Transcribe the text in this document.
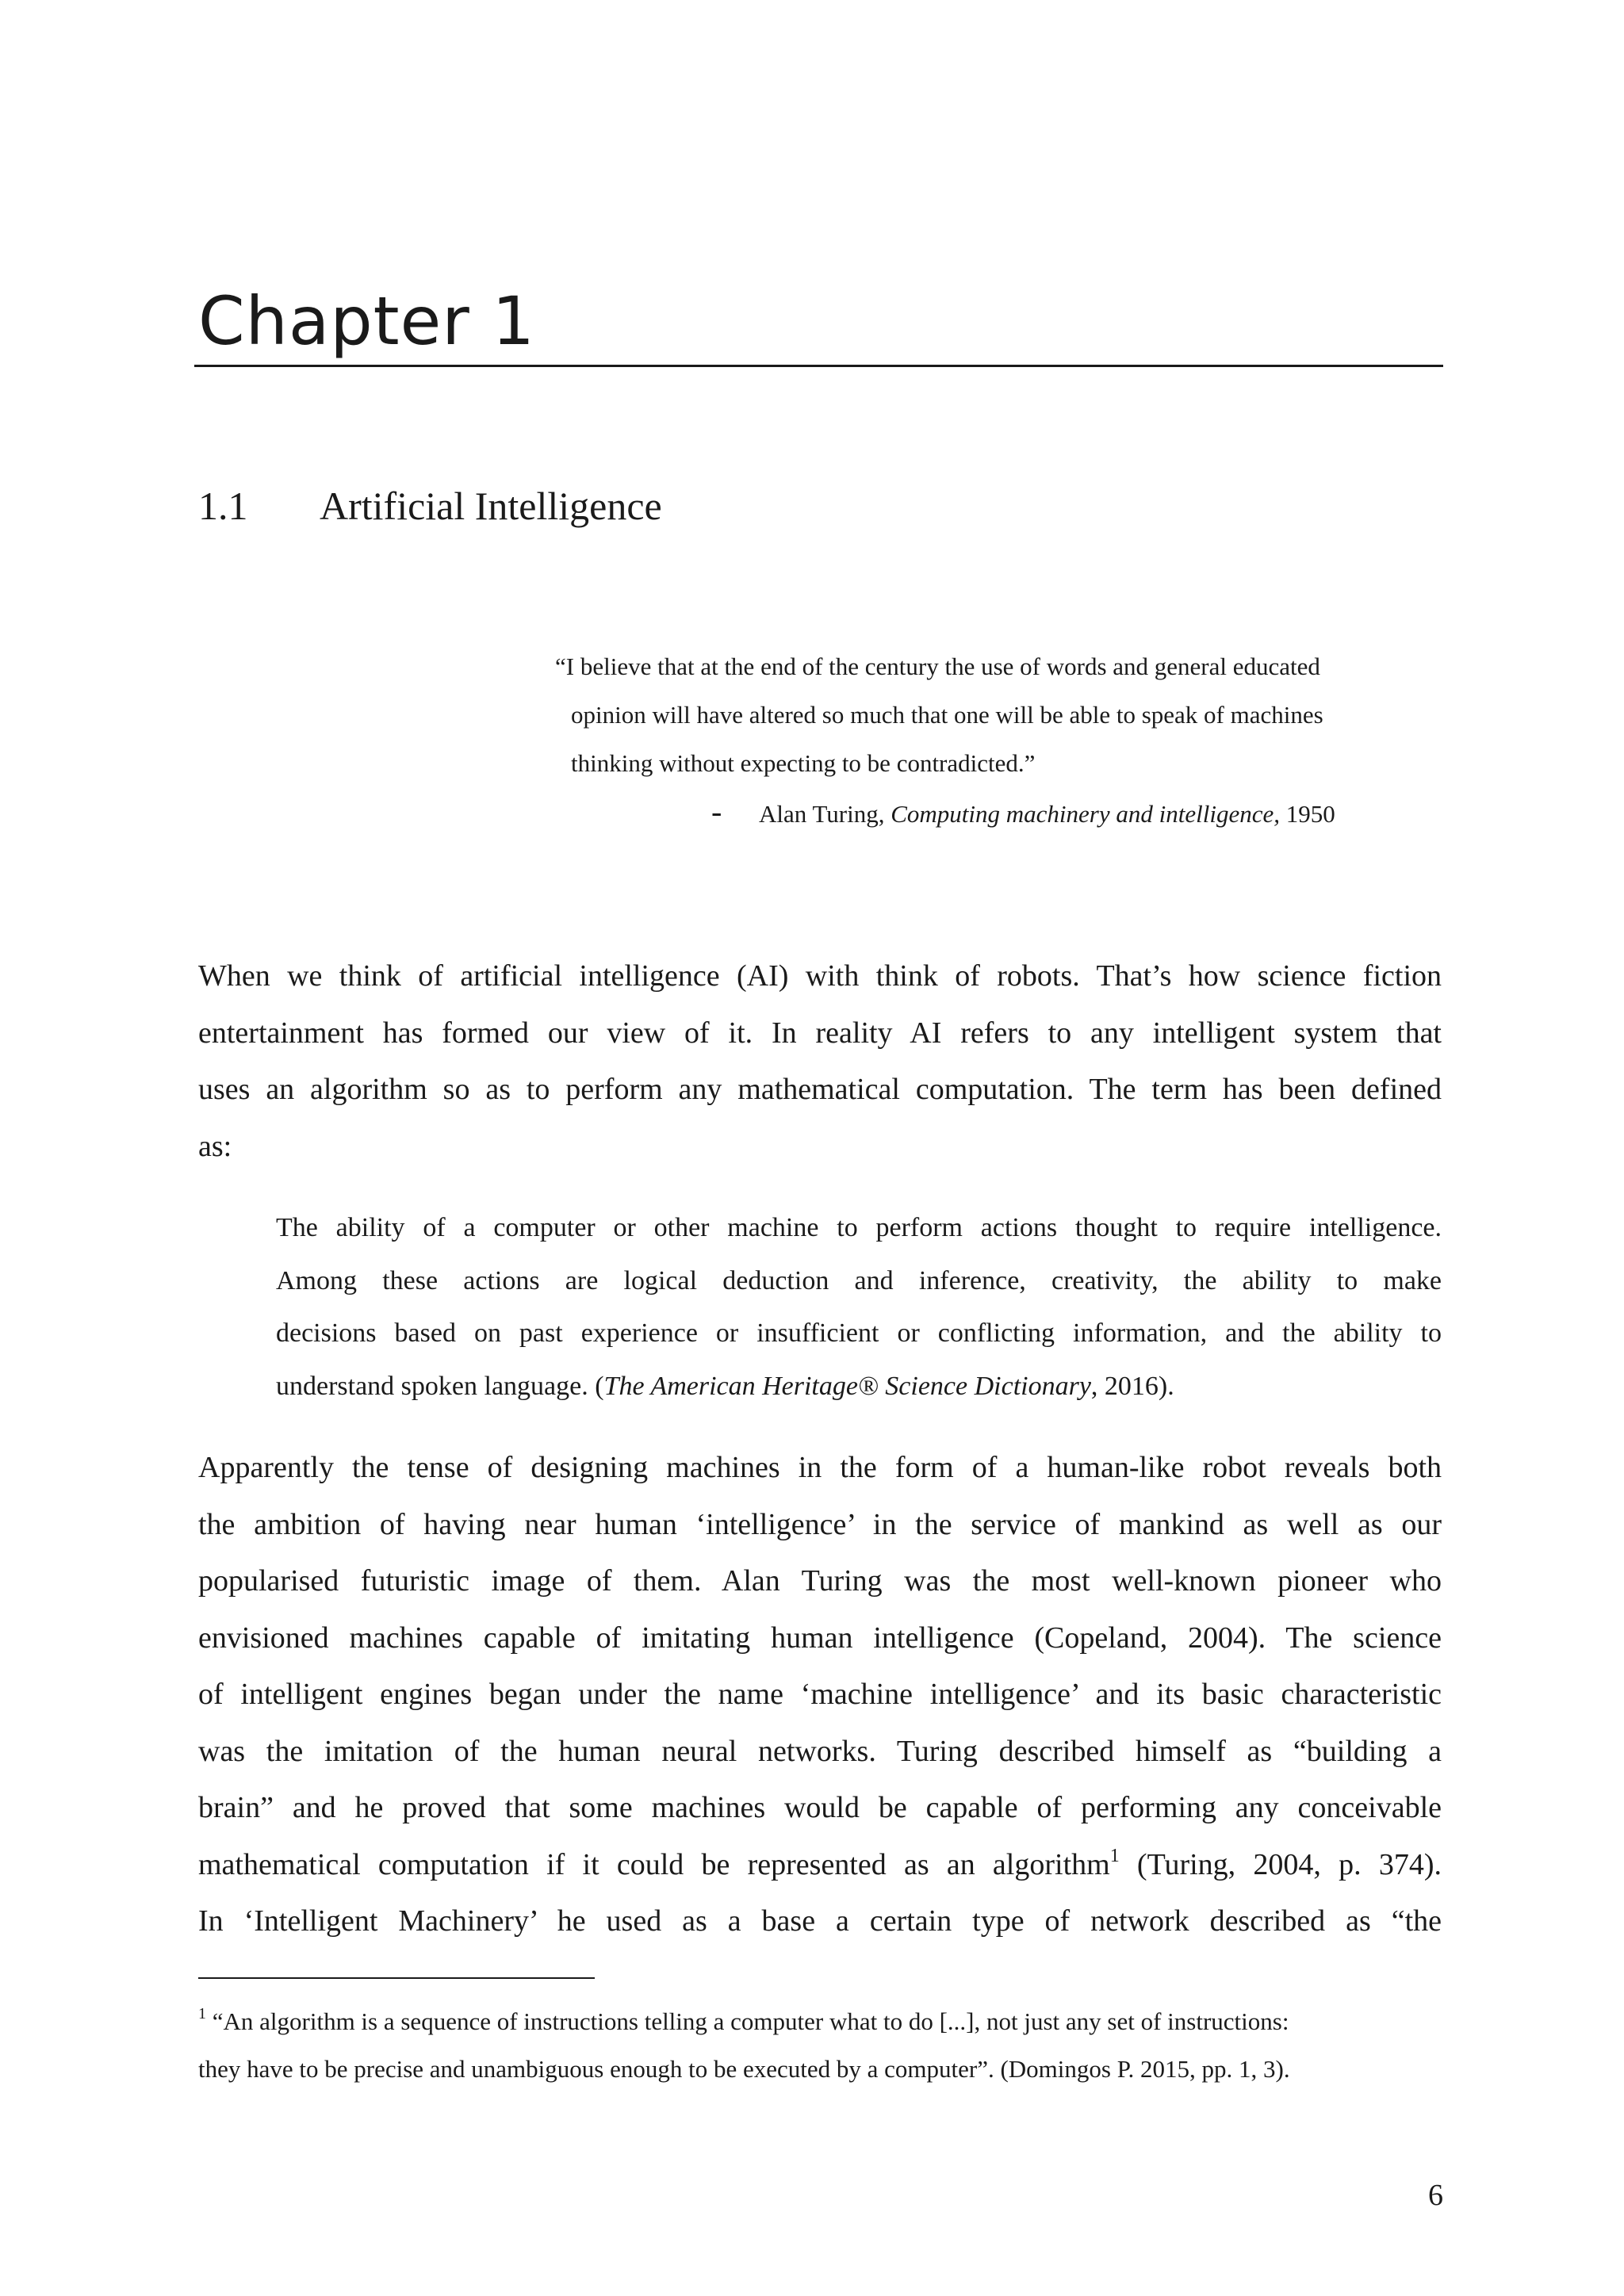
Chapter 1
1.1 Artificial Intelligence
“I believe that at the end of the century the use of words and general educated
opinion will have altered so much that one will be able to speak of machines
thinking without expecting to be contradicted.”
- Alan Turing, Computing machinery and intelligence, 1950

When we think of artificial intelligence (AI) with think of robots. That’s how science fiction
entertainment has formed our view of it. In reality AI refers to any intelligent system that
uses an algorithm so as to perform any mathematical computation. The term has been defined
as:

The ability of a computer or other machine to perform actions thought to require intelligence.
Among these actions are logical deduction and inference, creativity, the ability to make
decisions based on past experience or insufficient or conflicting information, and the ability to
understand spoken language. (The American Heritage® Science Dictionary, 2016).

Apparently the tense of designing machines in the form of a human-like robot reveals both
the ambition of having near human ‘intelligence’ in the service of mankind as well as our
popularised futuristic image of them. Alan Turing was the most well-known pioneer who
envisioned machines capable of imitating human intelligence (Copeland, 2004). The science
of intelligent engines began under the name ‘machine intelligence’ and its basic characteristic
was the imitation of the human neural networks. Turing described himself as “building a
brain” and he proved that some machines would be capable of performing any conceivable
mathematical computation if it could be represented as an algorithm$^1$ (Turing, 2004, p. 374).
In ‘Intelligent Machinery’ he used as a base a certain type of network described as “the

$^1$ “An algorithm is a sequence of instructions telling a computer what to do [...], not just any set of instructions:
they have to be precise and unambiguous enough to be executed by a computer”. (Domingos P. 2015, pp. 1, 3).
6
